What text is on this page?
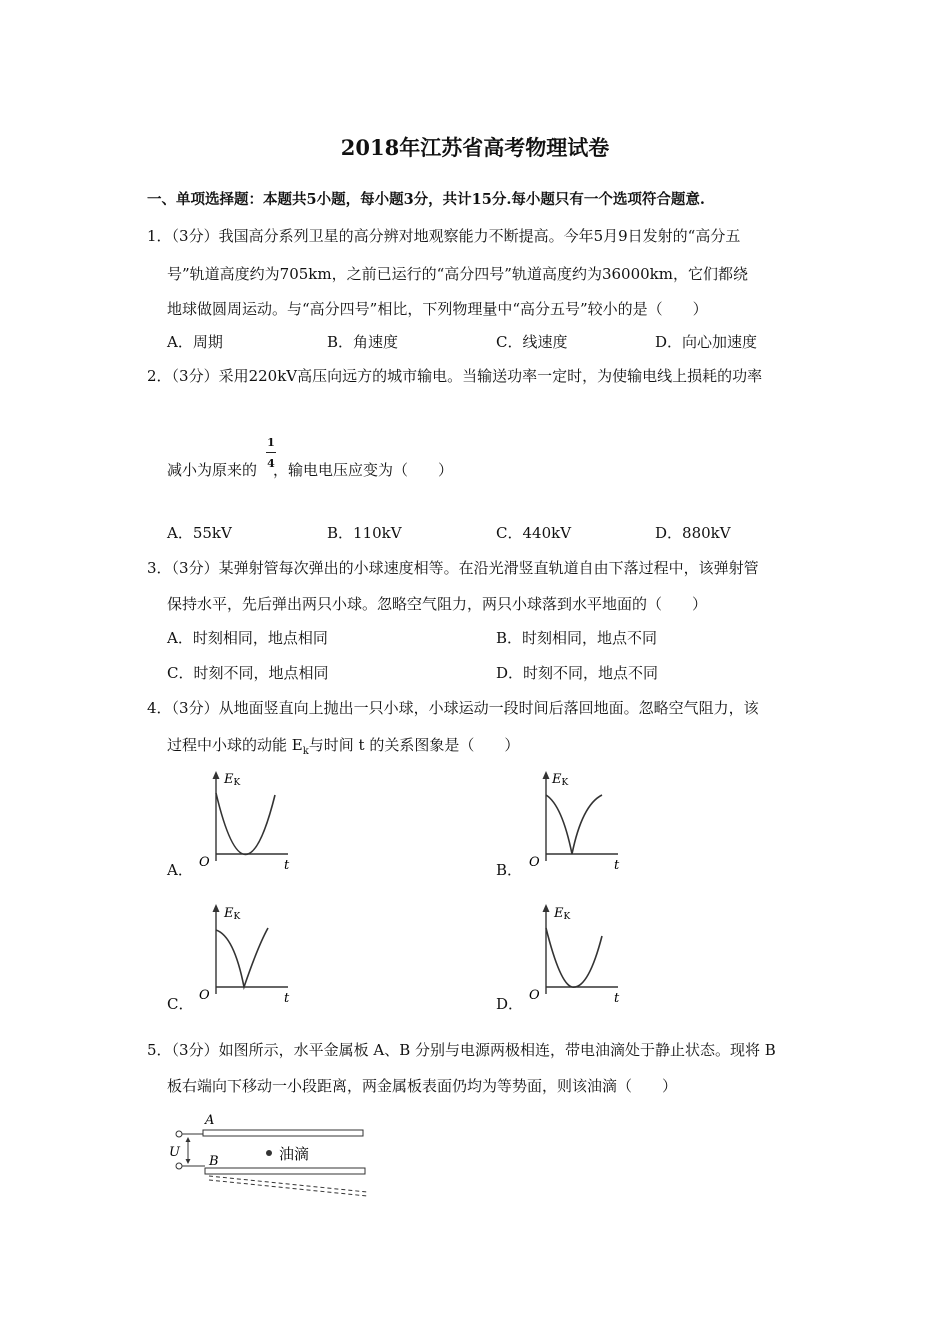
2018年江苏省高考物理试卷
一、单项选择题：本题共5小题，每小题3分，共计15分.每小题只有一个选项符合题意.
1．（3分）我国高分系列卫星的高分辨对地观察能力不断提高。今年5月9日发射的“高分五
号”轨道高度约为705km，之前已运行的“高分四号”轨道高度约为36000km，它们都绕
地球做圆周运动。与“高分四号”相比，下列物理量中“高分五号”较小的是（　　）
A．周期	B．角速度	C．线速度	D．向心加速度
2．（3分）采用220kV高压向远方的城市输电。当输送功率一定时，为使输电线上损耗的功率
减小为原来的 ，输电电压应变为（　　）
1
4
A．55kV	B．110kV	C．440kV	D．880kV
3．（3分）某弹射管每次弹出的小球速度相等。在沿光滑竖直轨道自由下落过程中，该弹射管
保持水平，先后弹出两只小球。忽略空气阻力，两只小球落到水平地面的（　　）
A．时刻相同，地点相同	B．时刻相同，地点不同
C．时刻不同，地点相同	D．时刻不同，地点不同
4．（3分）从地面竖直向上抛出一只小球，小球运动一段时间后落回地面。忽略空气阻力，该
过程中小球的动能 $E_k$与时间 t 的关系图象是（　　）
A．
EK
O	t	B．
EK
O	t
C．
EK
O	t	D．
EK
O	t
5．（3分）如图所示，水平金属板 A、B 分别与电源两极相连，带电油滴处于静止状态。现将 B
板右端向下移动一小段距离，两金属板表面仍均为等势面，则该油滴（　　）
U
A
B	油滴
